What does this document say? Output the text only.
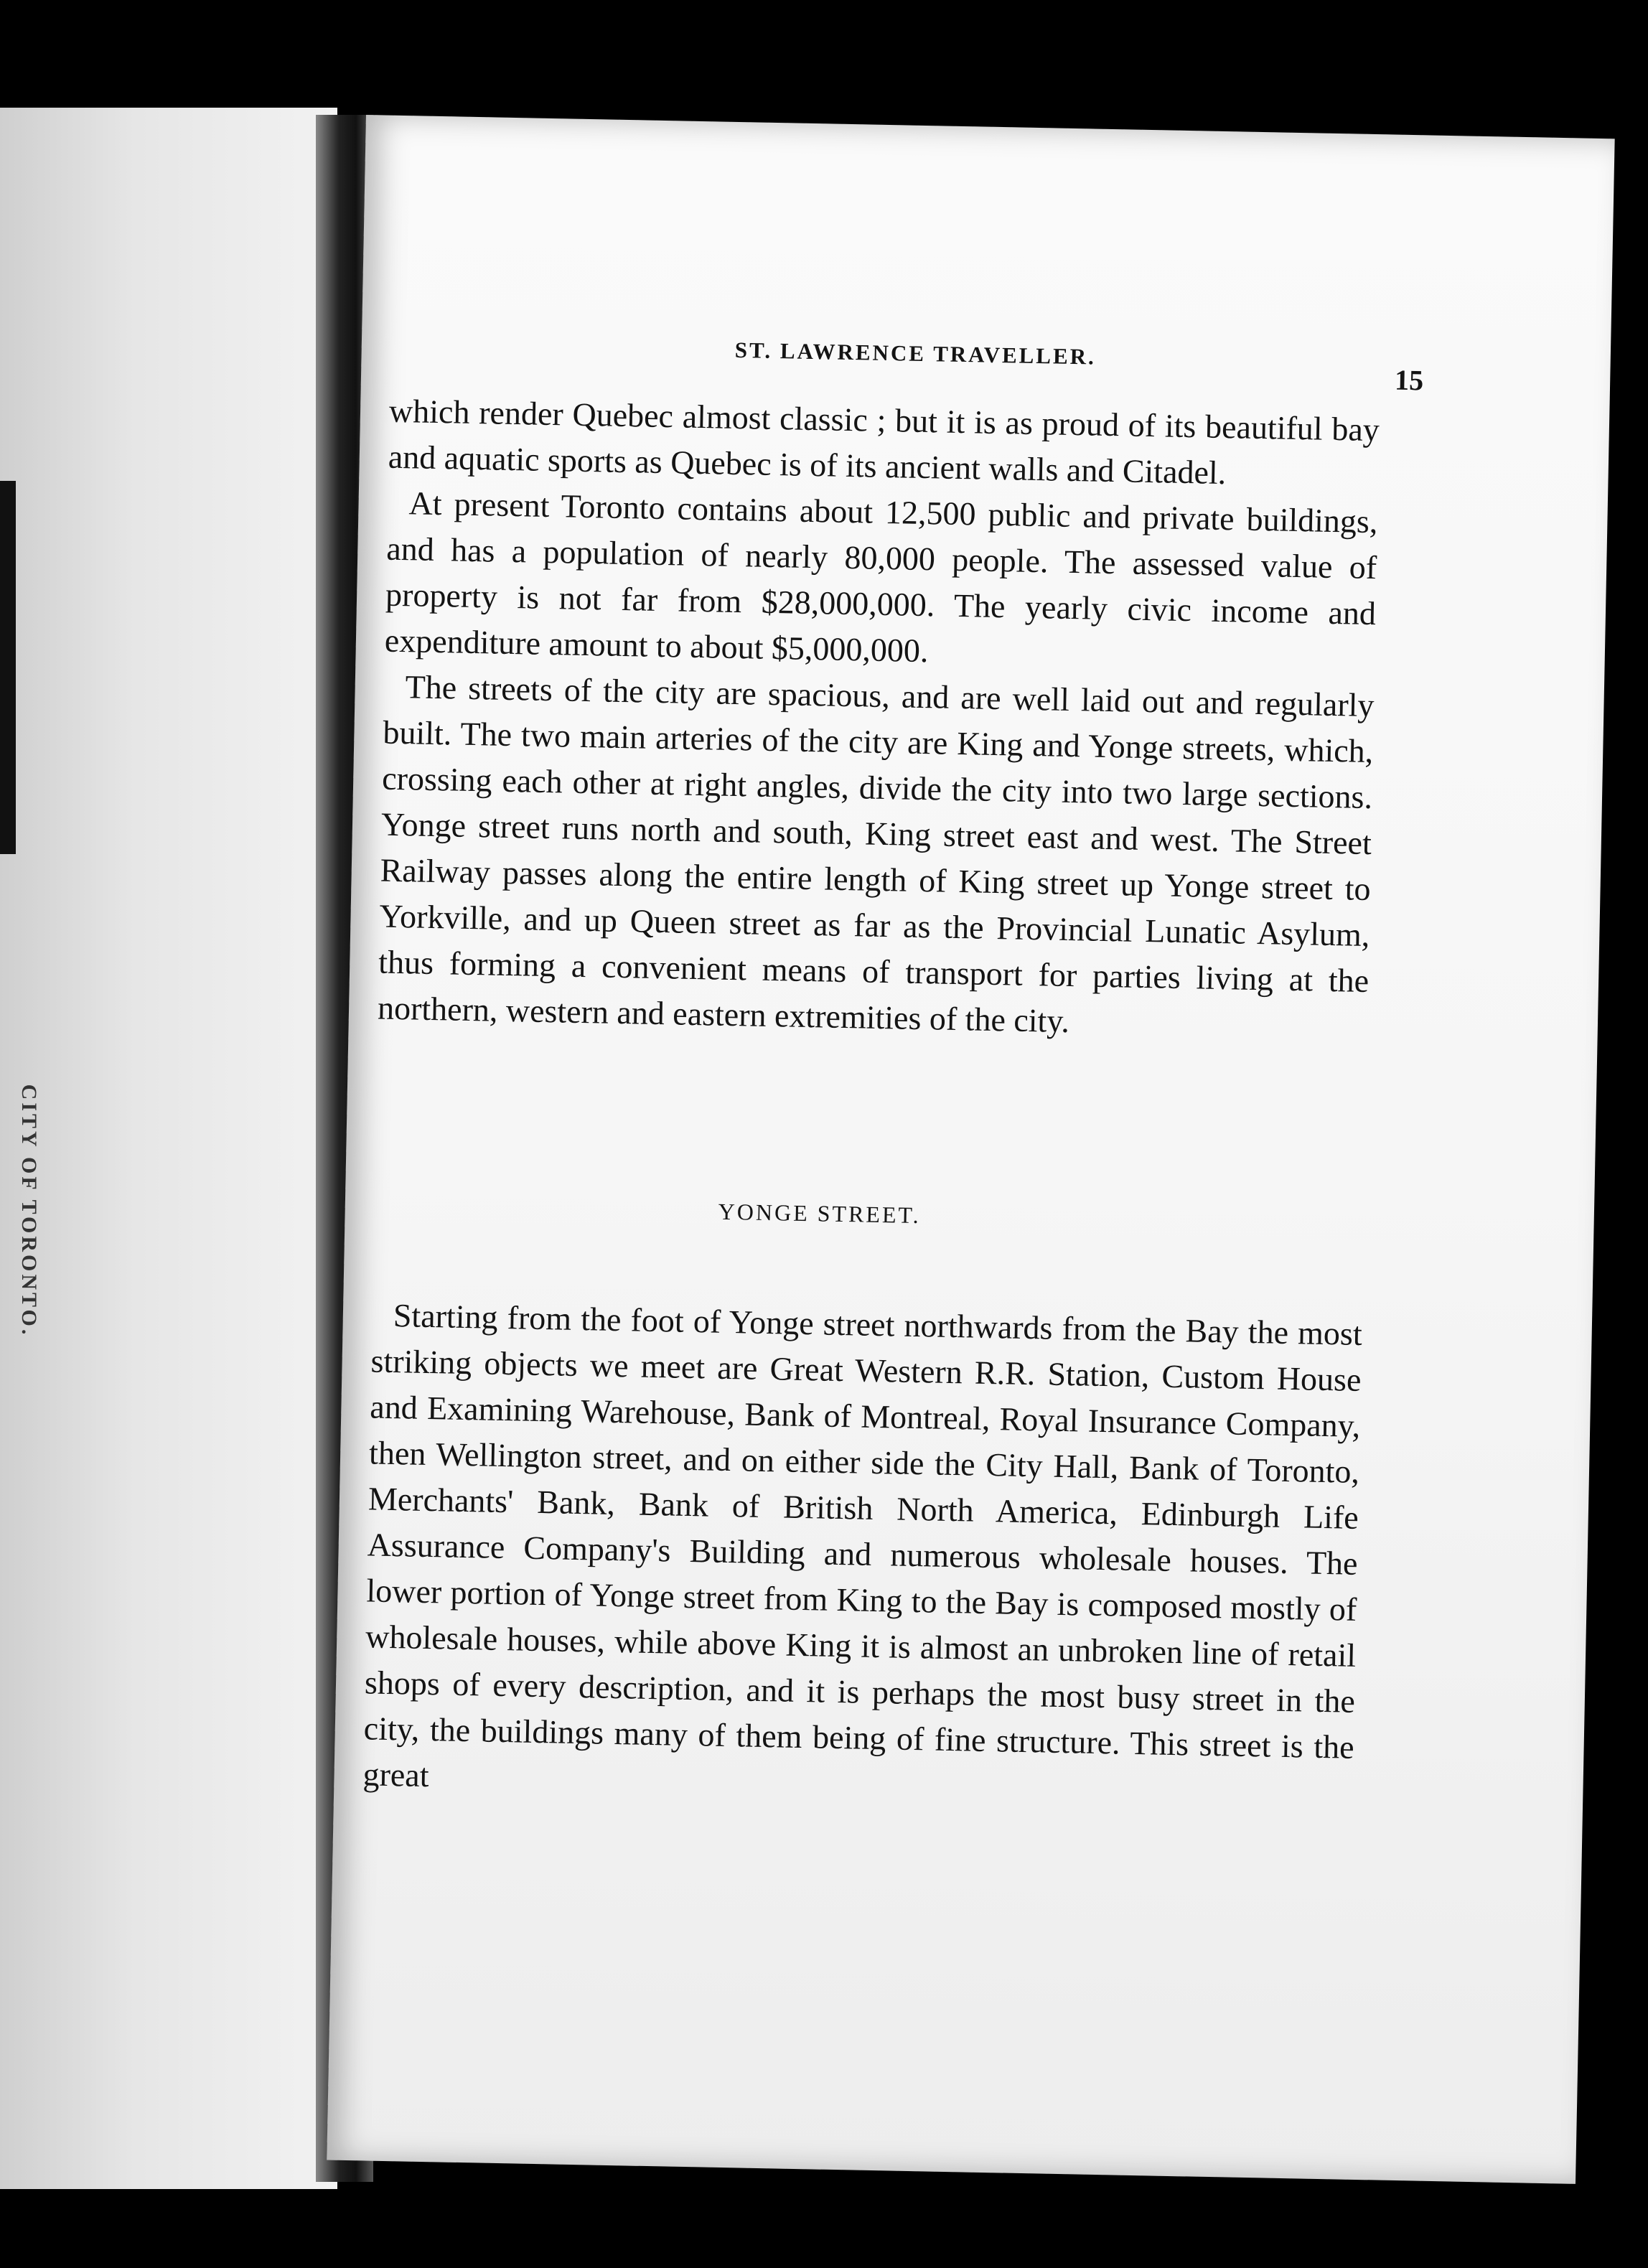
CITY OF TORONTO.
ST. LAWRENCE TRAVELLER.
15

which render Quebec almost classic ; but it is as proud of its beautiful bay and aquatic sports as Quebec is of its ancient walls and Citadel.

At present Toronto contains about 12,500 public and private buildings, and has a population of nearly 80,000 people. The assessed value of property is not far from $28,000,000. The yearly civic income and expenditure amount to about $5,000,000.

The streets of the city are spacious, and are well laid out and regularly built. The two main arteries of the city are King and Yonge streets, which, crossing each other at right angles, divide the city into two large sections. Yonge street runs north and south, King street east and west. The Street Railway passes along the entire length of King street up Yonge street to Yorkville, and up Queen street as far as the Provincial Lunatic Asylum, thus forming a convenient means of transport for parties living at the northern, western and eastern extremities of the city.

YONGE STREET.

Starting from the foot of Yonge street northwards from the Bay the most striking objects we meet are Great Western R.R. Station, Custom House and Examining Warehouse, Bank of Montreal, Royal Insurance Company, then Wellington street, and on either side the City Hall, Bank of Toronto, Merchants' Bank, Bank of British North America, Edinburgh Life Assurance Company's Building and numerous wholesale houses. The lower portion of Yonge street from King to the Bay is composed mostly of wholesale houses, while above King it is almost an unbroken line of retail shops of every description, and it is perhaps the most busy street in the city, the buildings many of them being of fine structure. This street is the great
